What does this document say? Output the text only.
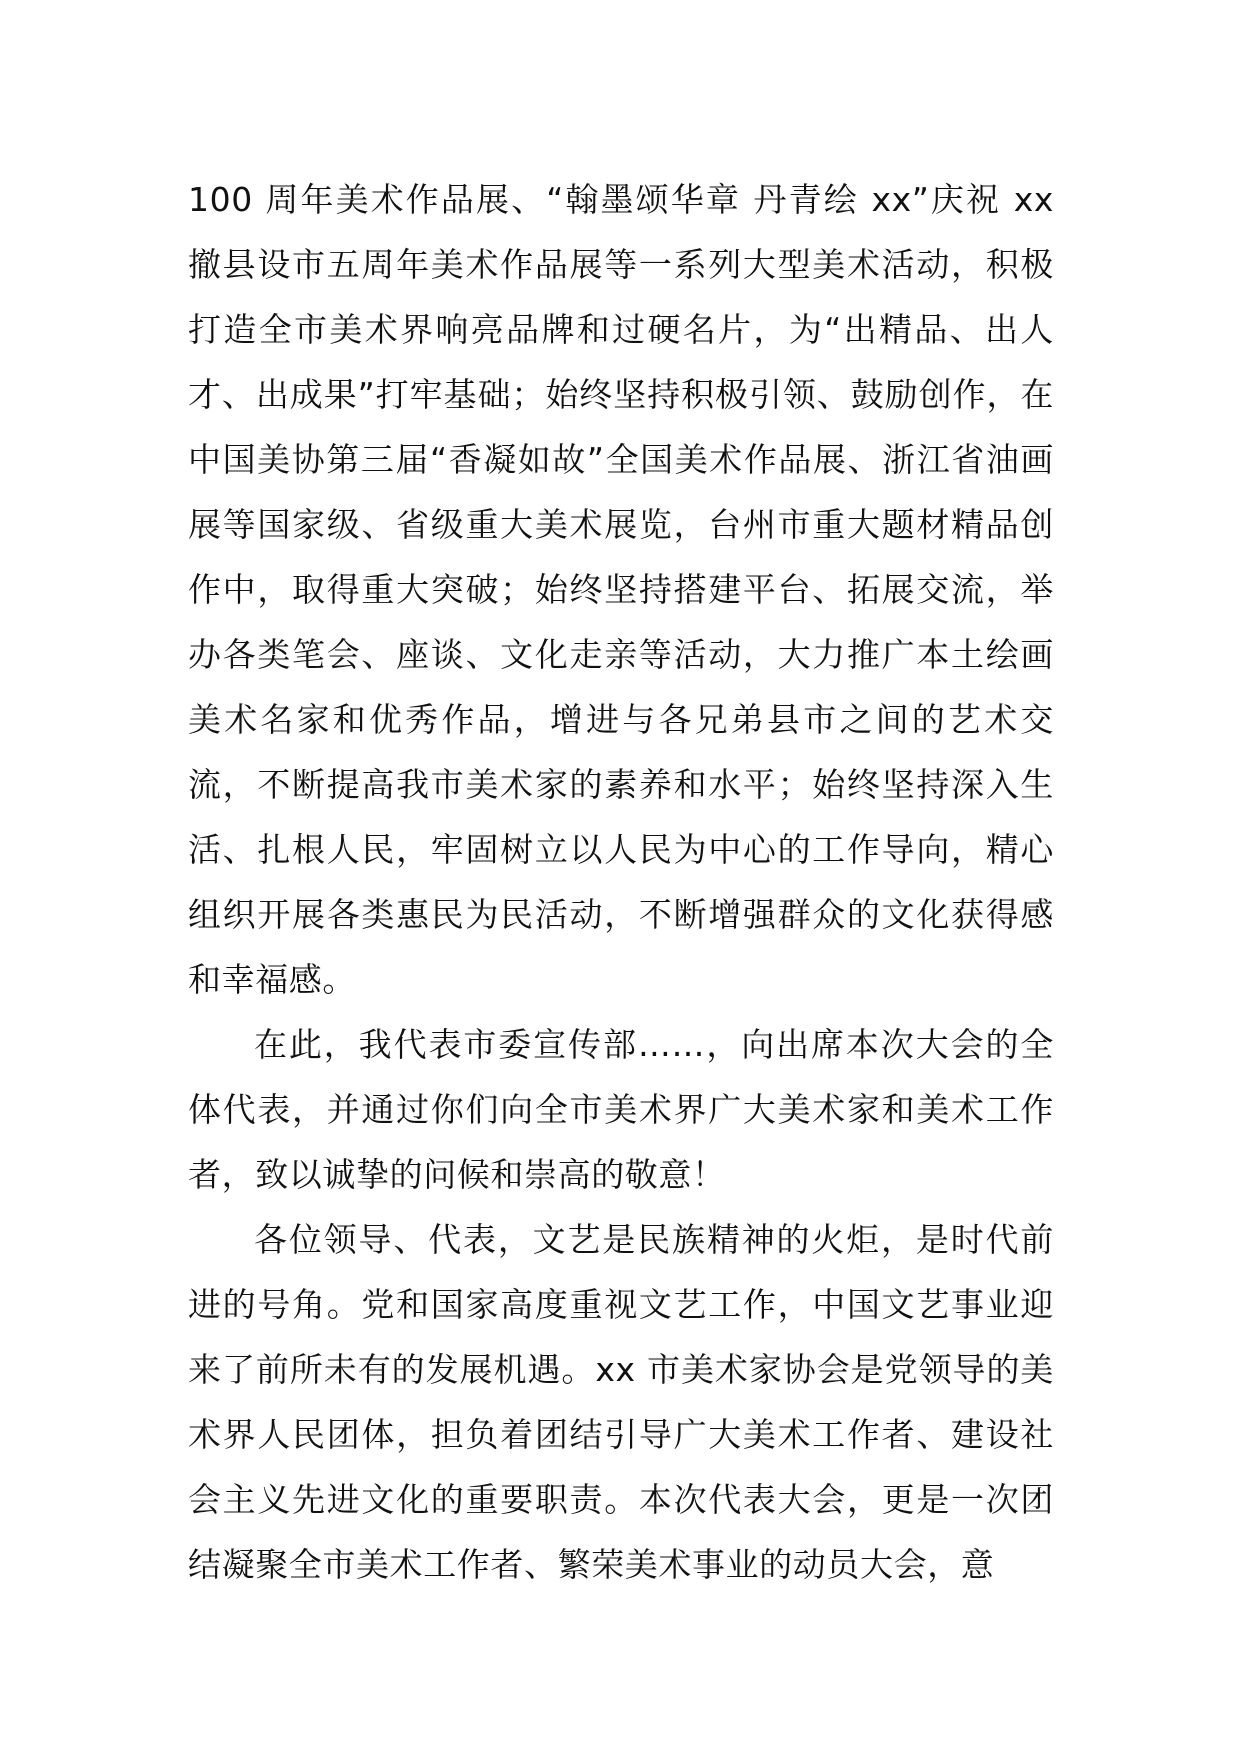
100 周年美术作品展、“翰墨颂华章 丹青绘 xx”庆祝 xx 撤县设市五周年美术作品展等一系列大型美术活动，积极打造全市美术界响亮品牌和过硬名片，为“出精品、出人才、出成果”打牢基础；始终坚持积极引领、鼓励创作，在中国美协第三届“香凝如故”全国美术作品展、浙江省油画展等国家级、省级重大美术展览，台州市重大题材精品创作中，取得重大突破；始终坚持搭建平台、拓展交流，举办各类笔会、座谈、文化走亲等活动，大力推广本土绘画美术名家和优秀作品，增进与各兄弟县市之间的艺术交流，不断提高我市美术家的素养和水平；始终坚持深入生活、扎根人民，牢固树立以人民为中心的工作导向，精心组织开展各类惠民为民活动，不断增强群众的文化获得感和幸福感。

在此，我代表市委宣传部……，向出席本次大会的全体代表，并通过你们向全市美术界广大美术家和美术工作者，致以诚挚的问候和崇高的敬意！

各位领导、代表，文艺是民族精神的火炬，是时代前进的号角。党和国家高度重视文艺工作，中国文艺事业迎来了前所未有的发展机遇。xx 市美术家协会是党领导的美术界人民团体，担负着团结引导广大美术工作者、建设社会主义先进文化的重要职责。本次代表大会，更是一次团结凝聚全市美术工作者、繁荣美术事业的动员大会，意
